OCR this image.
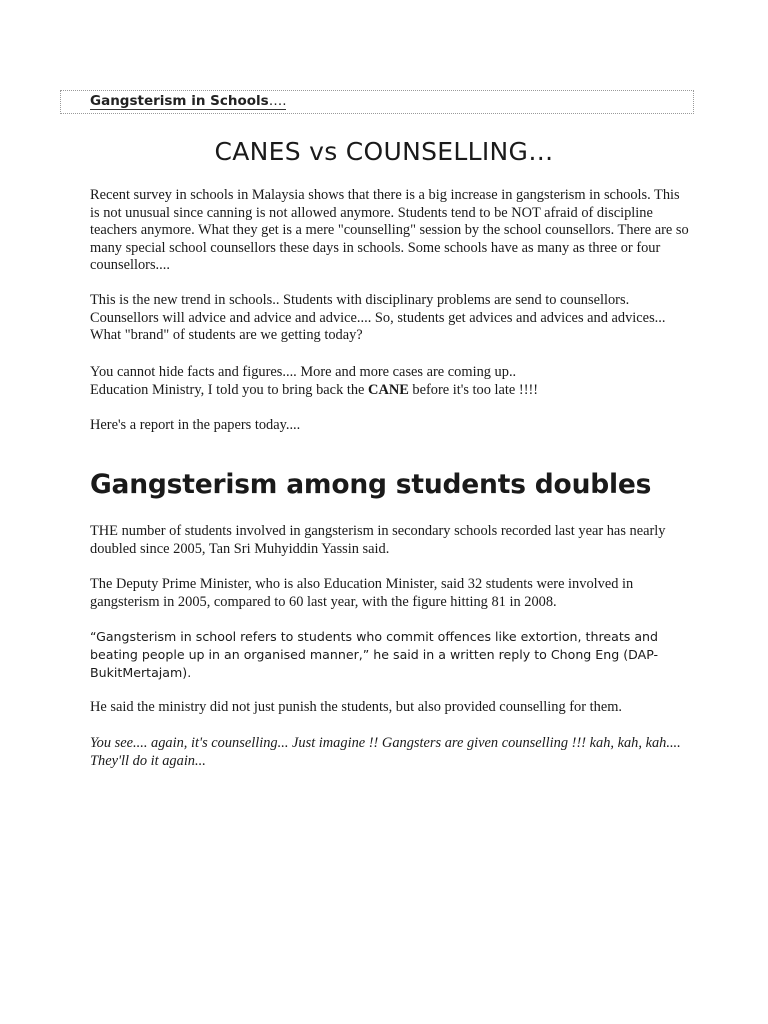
Gangsterism in Schools….
CANES vs COUNSELLING…

Recent survey in schools in Malaysia shows that there is a big increase in gangsterism in schools. This is not unusual since canning is not allowed anymore. Students tend to be NOT afraid of discipline teachers anymore. What they get is a mere "counselling" session by the school counsellors. There are so many special school counsellors these days in schools. Some schools have as many as three or four counsellors....

This is the new trend in schools.. Students with disciplinary problems are send to counsellors. Counsellors will advice and advice and advice.... So, students get advices and advices and advices... What "brand" of students are we getting today?

You cannot hide facts and figures.... More and more cases are coming up..

Education Ministry, I told you to bring back the CANE before it's too late !!!!

Here's a report in the papers today....

Gangsterism among students doubles

THE number of students involved in gangsterism in secondary schools recorded last year has nearly doubled since 2005, Tan Sri Muhyiddin Yassin said.

The Deputy Prime Minister, who is also Education Minister, said 32 students were involved in gangsterism in 2005, compared to 60 last year, with the figure hitting 81 in 2008.

“Gangsterism in school refers to students who commit offences like extortion, threats and beating people up in an organised manner,” he said in a written reply to Chong Eng (DAP-BukitMertajam).

He said the ministry did not just punish the students, but also provided counselling for them.

You see.... again, it's counselling... Just imagine !! Gangsters are given counselling !!! kah, kah, kah.... They'll do it again...
